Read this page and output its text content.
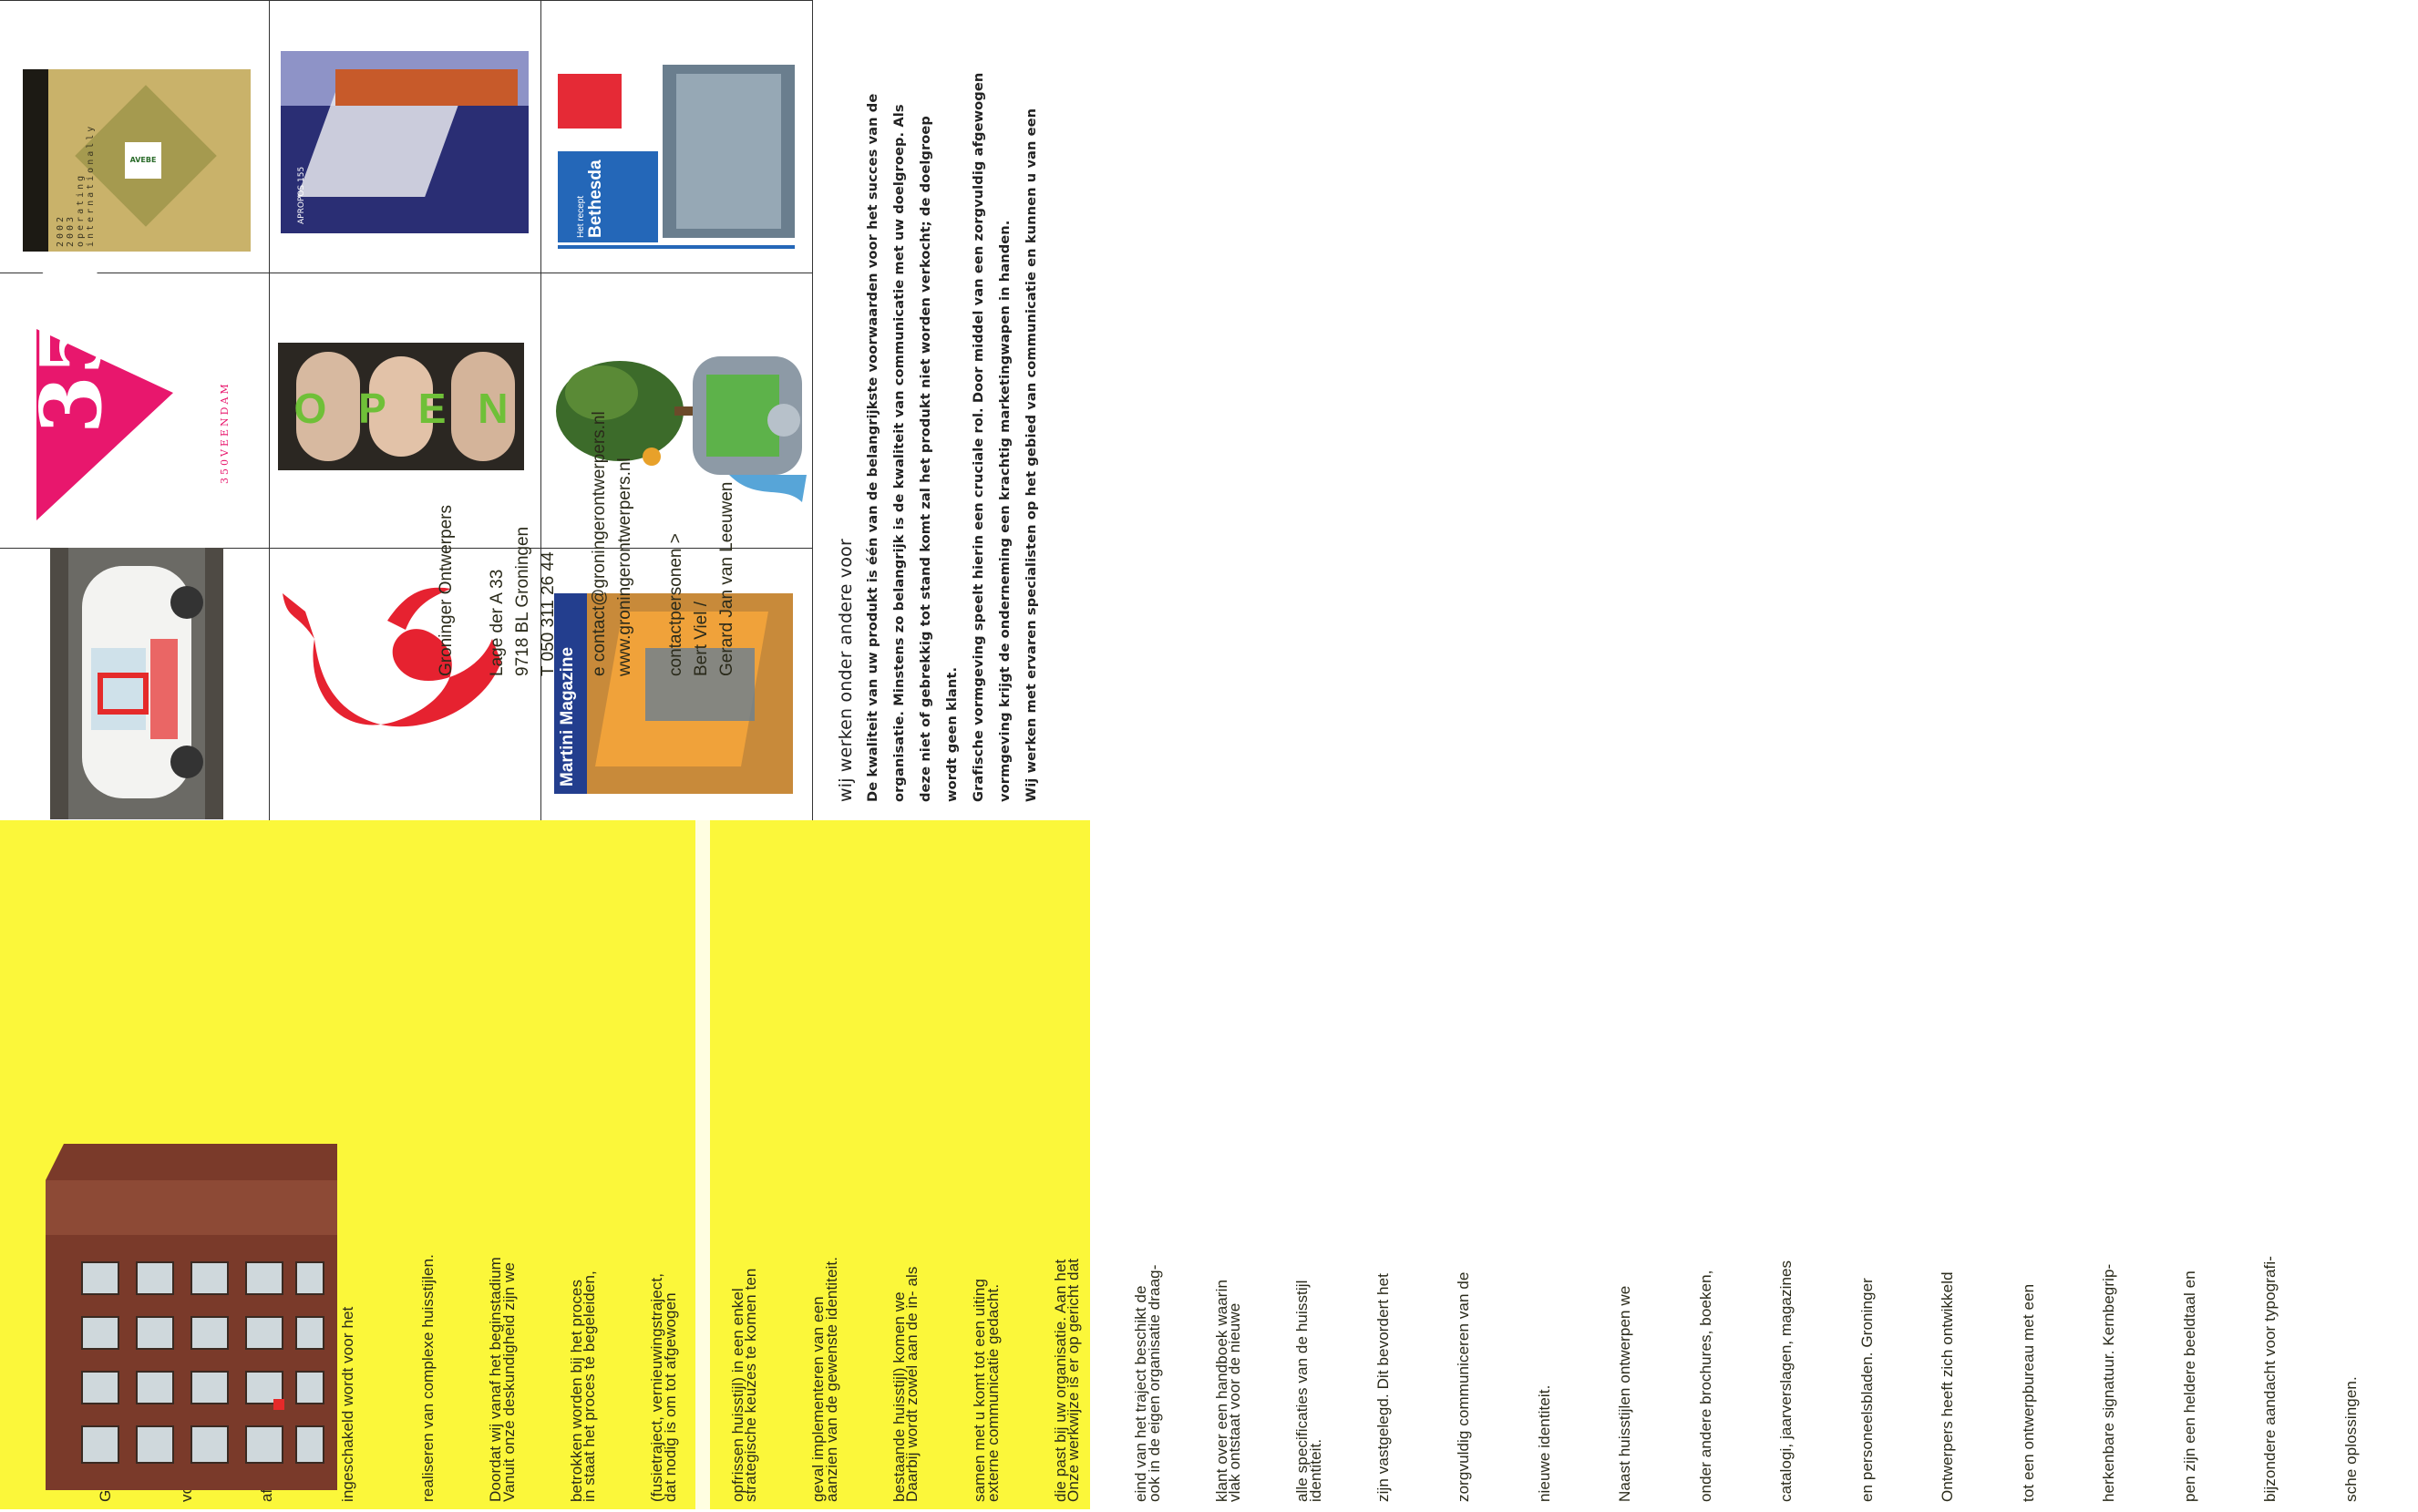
350	350VEENDAM
AVEBE
2002 2003 operating internationally
O P E N
APROPOS 155
Martini Magazine
Het recept Bethesda
wij werken onder andere voor De kwaliteit van uw produkt is één van de belangrijkste voorwaarden voor het succes van de organisatie. Minstens zo belangrijk is de kwaliteit van communicatie met uw doelgroep. Als deze niet of gebrekkig tot stand komt zal het produkt niet worden verkocht; de doelgroep wordt geen klant. Grafische vormgeving speelt hierin een cruciale rol. Door middel van een zorgvuldig afgewogen vormgeving krijgt de onderneming een krachtig marketingwapen in handen. Wij werken met ervaren specialisten op het gebied van communicatie en kunnen u van een

ingeschakeld wordt voor het

	realiseren van complexe huisstijlen.

	Vanuit onze deskundigheid zijn we

	in staat het proces te begeleiden,

	dat nodig is om tot afgewogen

	strategische keuzes te komen ten

	aanzien van de gewenste identiteit.

	Daarbij wordt zowel aan de in- als

	externe communicatie gedacht.

	Onze werkwijze is er op gericht dat

	ook in de eigen organisatie draag-

	vlak ontstaat voor de nieuwe

	identiteit.

Doordat wij vanaf het beginstadium

	betrokken worden bij het proces

	(fusietraject, vernieuwingstraject,

	opfrissen huisstijl) in een enkel

	geval implementeren van een

	bestaande huisstijl) komen we

	samen met u komt tot een uiting

	die past bij uw organisatie. Aan het

	eind van het traject beschikt de

	klant over een handboek waarin

	alle specificaties van de huisstijl

	zijn vastgelegd. Dit bevordert het

	zorgvuldig communiceren van de

	nieuwe identiteit.

	Naast huisstijlen ontwerpen we

	onder andere brochures, boeken,

	catalogi, jaarverslagen, magazines

	en personeelsbladen. Groninger

	Ontwerpers heeft zich ontwikkeld

	tot een ontwerpbureau met een

	herkenbare signatuur. Kernbegrip-

	pen zijn een heldere beeldtaal en

	bijzondere aandacht voor typografi-

	sche oplossingen.

Groninger Ontwerpers Lage der A 33 9718 BL Groningen T 050 311 26 44 e contact@groningerontwerpers.nl www.groningerontwerpers.nl contactpersonen > Bert Viel / Gerard Jan van Leeuwen
